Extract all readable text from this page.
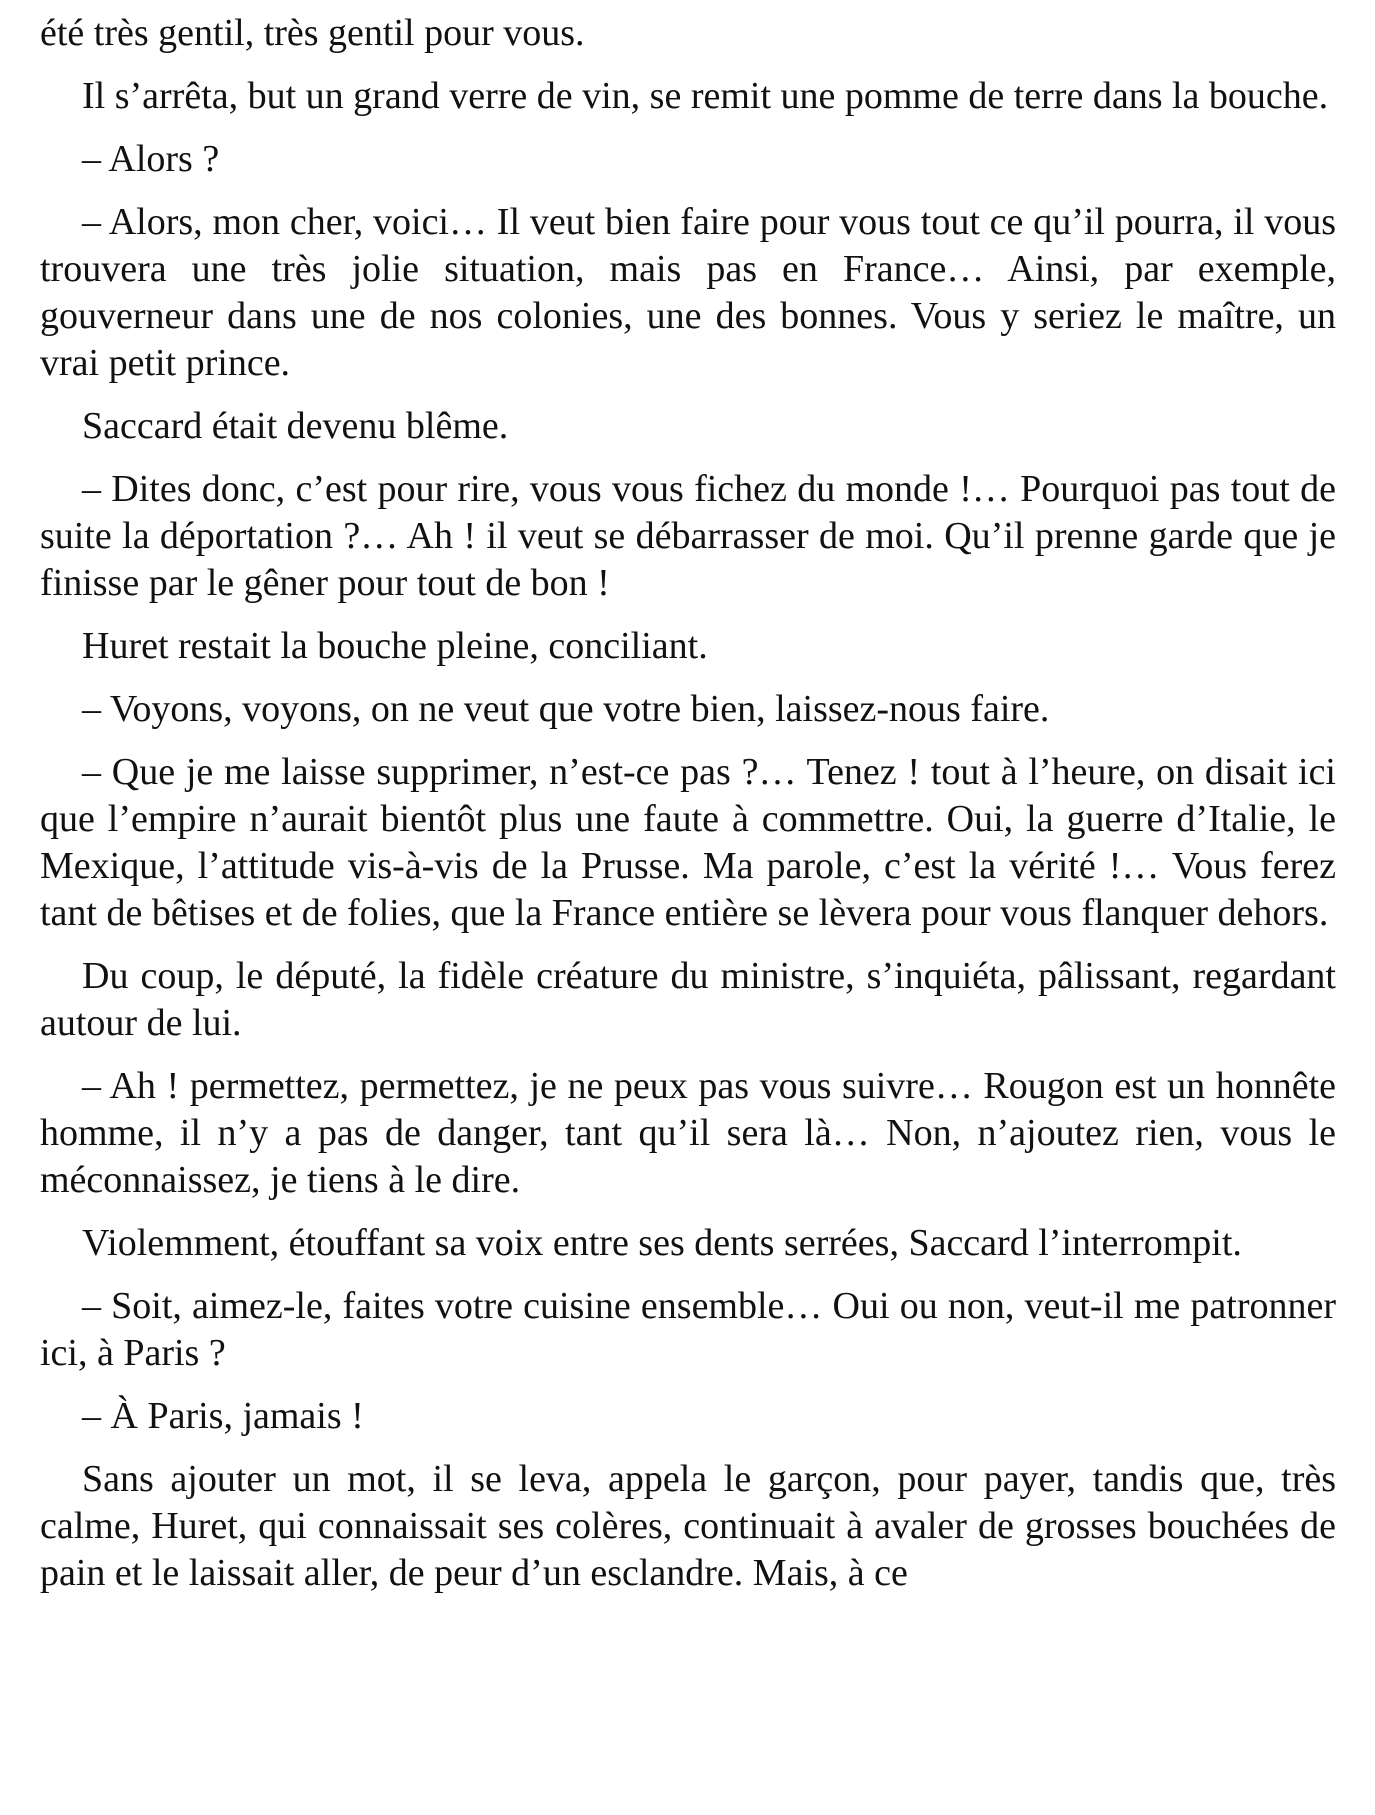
été très gentil, très gentil pour vous.

Il s’arrêta, but un grand verre de vin, se remit une pomme de terre dans la bouche.

– Alors ?

– Alors, mon cher, voici… Il veut bien faire pour vous tout ce qu’il pourra, il vous trouvera une très jolie situation, mais pas en France… Ainsi, par exemple, gouverneur dans une de nos colonies, une des bonnes. Vous y seriez le maître, un vrai petit prince.

Saccard était devenu blême.

– Dites donc, c’est pour rire, vous vous fichez du monde !… Pourquoi pas tout de suite la déportation ?… Ah ! il veut se débarrasser de moi. Qu’il prenne garde que je finisse par le gêner pour tout de bon !

Huret restait la bouche pleine, conciliant.

– Voyons, voyons, on ne veut que votre bien, laissez-nous faire.

– Que je me laisse supprimer, n’est-ce pas ?… Tenez ! tout à l’heure, on disait ici que l’empire n’aurait bientôt plus une faute à commettre. Oui, la guerre d’Italie, le Mexique, l’attitude vis-à-vis de la Prusse. Ma parole, c’est la vérité !… Vous ferez tant de bêtises et de folies, que la France entière se lèvera pour vous flanquer dehors.

Du coup, le député, la fidèle créature du ministre, s’inquiéta, pâlissant, regardant autour de lui.

– Ah ! permettez, permettez, je ne peux pas vous suivre… Rougon est un honnête homme, il n’y a pas de danger, tant qu’il sera là… Non, n’ajoutez rien, vous le méconnaissez, je tiens à le dire.

Violemment, étouffant sa voix entre ses dents serrées, Saccard l’interrompit.

– Soit, aimez-le, faites votre cuisine ensemble… Oui ou non, veut-il me patronner ici, à Paris ?

– À Paris, jamais !

Sans ajouter un mot, il se leva, appela le garçon, pour payer, tandis que, très calme, Huret, qui connaissait ses colères, continuait à avaler de grosses bouchées de pain et le laissait aller, de peur d’un esclandre. Mais, à ce
